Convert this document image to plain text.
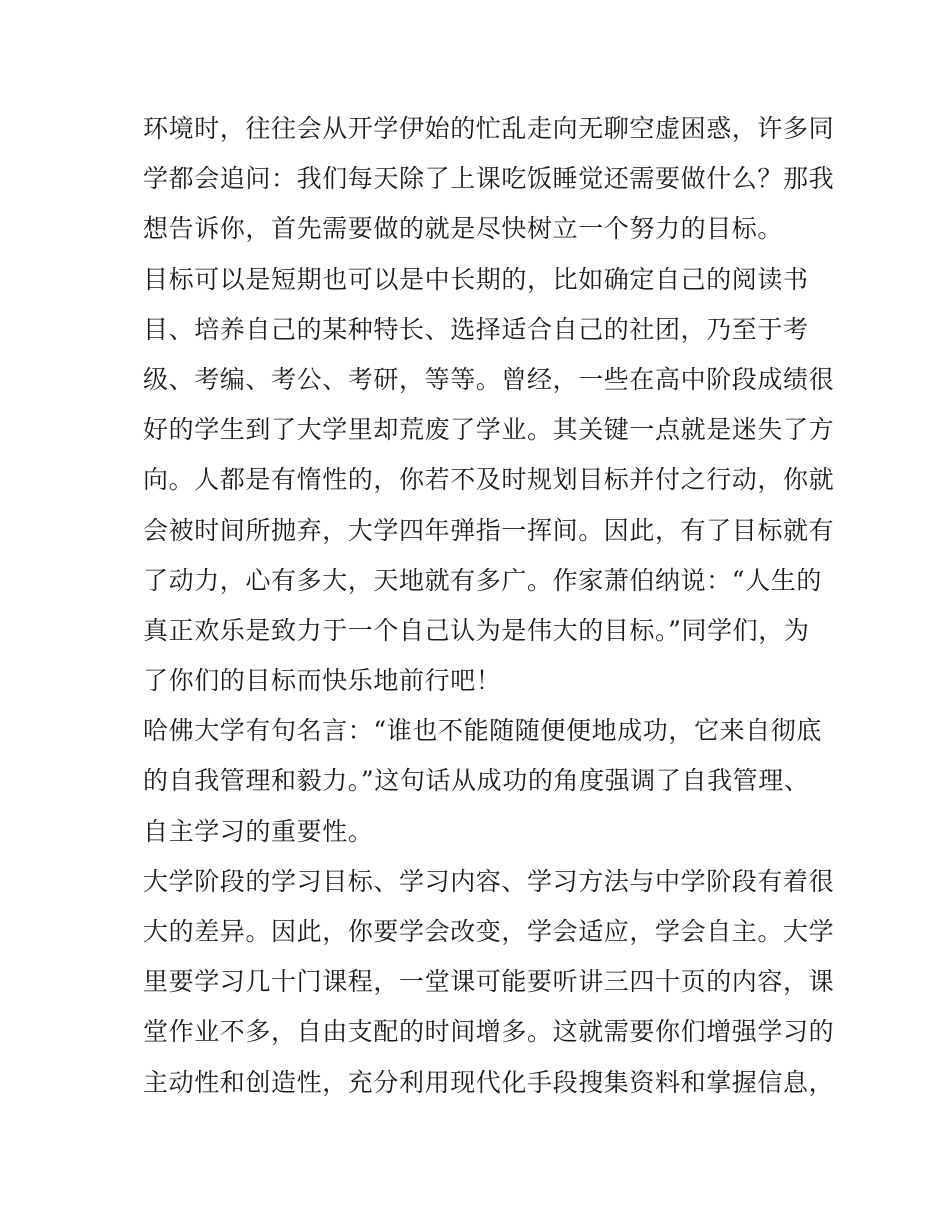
环境时，往往会从开学伊始的忙乱走向无聊空虚困惑，许多同
学都会追问：我们每天除了上课吃饭睡觉还需要做什么？那我
想告诉你，首先需要做的就是尽快树立一个努力的目标。
目标可以是短期也可以是中长期的，比如确定自己的阅读书
目、培养自己的某种特长、选择适合自己的社团，乃至于考
级、考编、考公、考研，等等。曾经，一些在高中阶段成绩很
好的学生到了大学里却荒废了学业。其关键一点就是迷失了方
向。人都是有惰性的，你若不及时规划目标并付之行动，你就
会被时间所抛弃，大学四年弹指一挥间。因此，有了目标就有
了动力，心有多大，天地就有多广。作家萧伯纳说：“人生的
真正欢乐是致力于一个自己认为是伟大的目标。”同学们，为
了你们的目标而快乐地前行吧！
哈佛大学有句名言：“谁也不能随随便便地成功，它来自彻底
的自我管理和毅力。”这句话从成功的角度强调了自我管理、
自主学习的重要性。
大学阶段的学习目标、学习内容、学习方法与中学阶段有着很
大的差异。因此，你要学会改变，学会适应，学会自主。大学
里要学习几十门课程，一堂课可能要听讲三四十页的内容，课
堂作业不多，自由支配的时间增多。这就需要你们增强学习的
主动性和创造性，充分利用现代化手段搜集资料和掌握信息，
